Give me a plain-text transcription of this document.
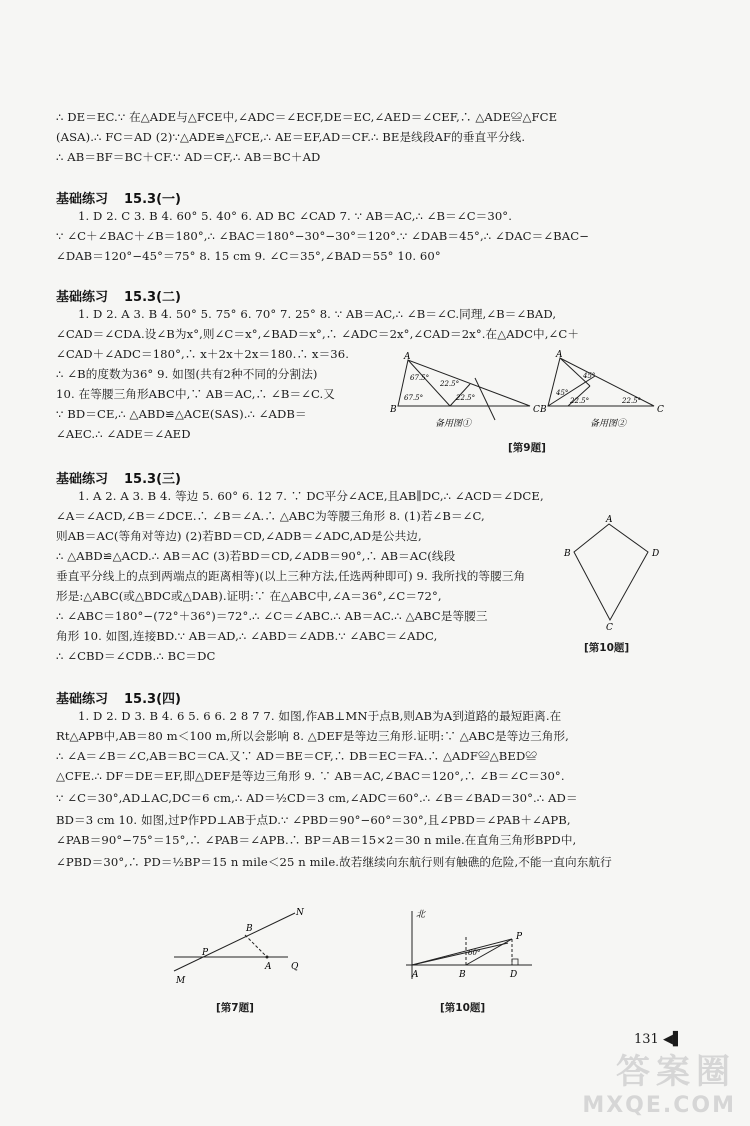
∴ DE＝EC.∵ 在△ADE与△FCE中,∠ADC＝∠ECF,DE＝EC,∠AED＝∠CEF,∴ △ADE≌△FCE
(ASA).∴ FC＝AD (2)∵△ADE≌△FCE,∴ AE＝EF,AD＝CF.∴ BE是线段AF的垂直平分线.
∴ AB＝BF＝BC＋CF.∵ AD＝CF,∴ AB＝BC＋AD
基础练习 15.3(一)
1. D 2. C 3. B 4. 60° 5. 40° 6. AD BC ∠CAD 7. ∵ AB＝AC,∴ ∠B＝∠C＝30°.
∵ ∠C＋∠BAC＋∠B＝180°,∴ ∠BAC＝180°−30°−30°＝120°.∵ ∠DAB＝45°,∴ ∠DAC＝∠BAC−
∠DAB＝120°−45°＝75° 8. 15 cm 9. ∠C＝35°,∠BAD＝55° 10. 60°
基础练习 15.3(二)
1. D 2. A 3. B 4. 50° 5. 75° 6. 70° 7. 25° 8. ∵ AB＝AC,∴ ∠B＝∠C.同理,∠B＝∠BAD,
∠CAD＝∠CDA.设∠B为x°,则∠C＝x°,∠BAD＝x°,∴ ∠ADC＝2x°,∠CAD＝2x°.在△ADC中,∠C＋
∠CAD＋∠ADC＝180°,∴ x＋2x＋2x＝180.∴ x＝36.
∴ ∠B的度数为36° 9. 如图(共有2种不同的分割法)
10. 在等腰三角形ABC中,∵ AB＝AC,∴ ∠B＝∠C.又
∵ BD＝CE,∴ △ABD≌△ACE(SAS).∴ ∠ADB＝
∠AEC.∴ ∠ADE＝∠AED
A
B	C
67.5°
67.5°
22.5°
22.5°
A
B	C
45°
45°
22.5°	22.5°
备用图①	备用图②
[第9题]
基础练习 15.3(三)
1. A 2. A 3. B 4. 等边 5. 60° 6. 12 7. ∵ DC平分∠ACE,且AB∥DC,∴ ∠ACD＝∠DCE,
∠A＝∠ACD,∠B＝∠DCE.∴ ∠B＝∠A.∴ △ABC为等腰三角形 8. (1)若∠B＝∠C,
则AB＝AC(等角对等边) (2)若BD＝CD,∠ADB＝∠ADC,AD是公共边,
∴ △ABD≌△ACD.∴ AB＝AC (3)若BD＝CD,∠ADB＝90°,∴ AB＝AC(线段
垂直平分线上的点到两端点的距离相等)(以上三种方法,任选两种即可) 9. 我所找的等腰三角
形是:△ABC(或△BDC或△DAB).证明:∵ 在△ABC中,∠A＝36°,∠C＝72°,
∴ ∠ABC＝180°−(72°＋36°)＝72°.∴ ∠C＝∠ABC.∴ AB＝AC.∴ △ABC是等腰三
角形 10. 如图,连接BD.∵ AB＝AD,∴ ∠ABD＝∠ADB.∵ ∠ABC＝∠ADC,
∴ ∠CBD＝∠CDB.∴ BC＝DC
A
B
C
D
[第10题]
基础练习 15.3(四)
1. D 2. D 3. B 4. 6 5. 6 6. 2 8 7 7. 如图,作AB⊥MN于点B,则AB为A到道路的最短距离.在
Rt△APB中,AB＝80 m＜100 m,所以会影响 8. △DEF是等边三角形.证明:∵ △ABC是等边三角形,
∴ ∠A＝∠B＝∠C,AB＝BC＝CA.又∵ AD＝BE＝CF,∴ DB＝EC＝FA.∴ △ADF≌△BED≌
△CFE.∴ DF＝DE＝EF,即△DEF是等边三角形 9. ∵ AB＝AC,∠BAC＝120°,∴ ∠B＝∠C＝30°.
∵ ∠C＝30°,AD⊥AC,DC＝6 cm,∴ AD＝½CD＝3 cm,∠ADC＝60°.∴ ∠B＝∠BAD＝30°.∴ AD＝
BD＝3 cm 10. 如图,过P作PD⊥AB于点D.∵ ∠PBD＝90°−60°＝30°,且∠PBD＝∠PAB＋∠APB,
∠PAB＝90°−75°＝15°,∴ ∠PAB＝∠APB.∴ BP＝AB＝15×2＝30 n mile.在直角三角形BPD中,
∠PBD＝30°,∴ PD＝½BP＝15 n mile＜25 n mile.故若继续向东航行则有触礁的危险,不能一直向东航行
N
B
P
A Q
M
[第7题]
北
P
A	B	D
60°
[第10题]
131 ◀▌
答案圈
MXQE.COM
